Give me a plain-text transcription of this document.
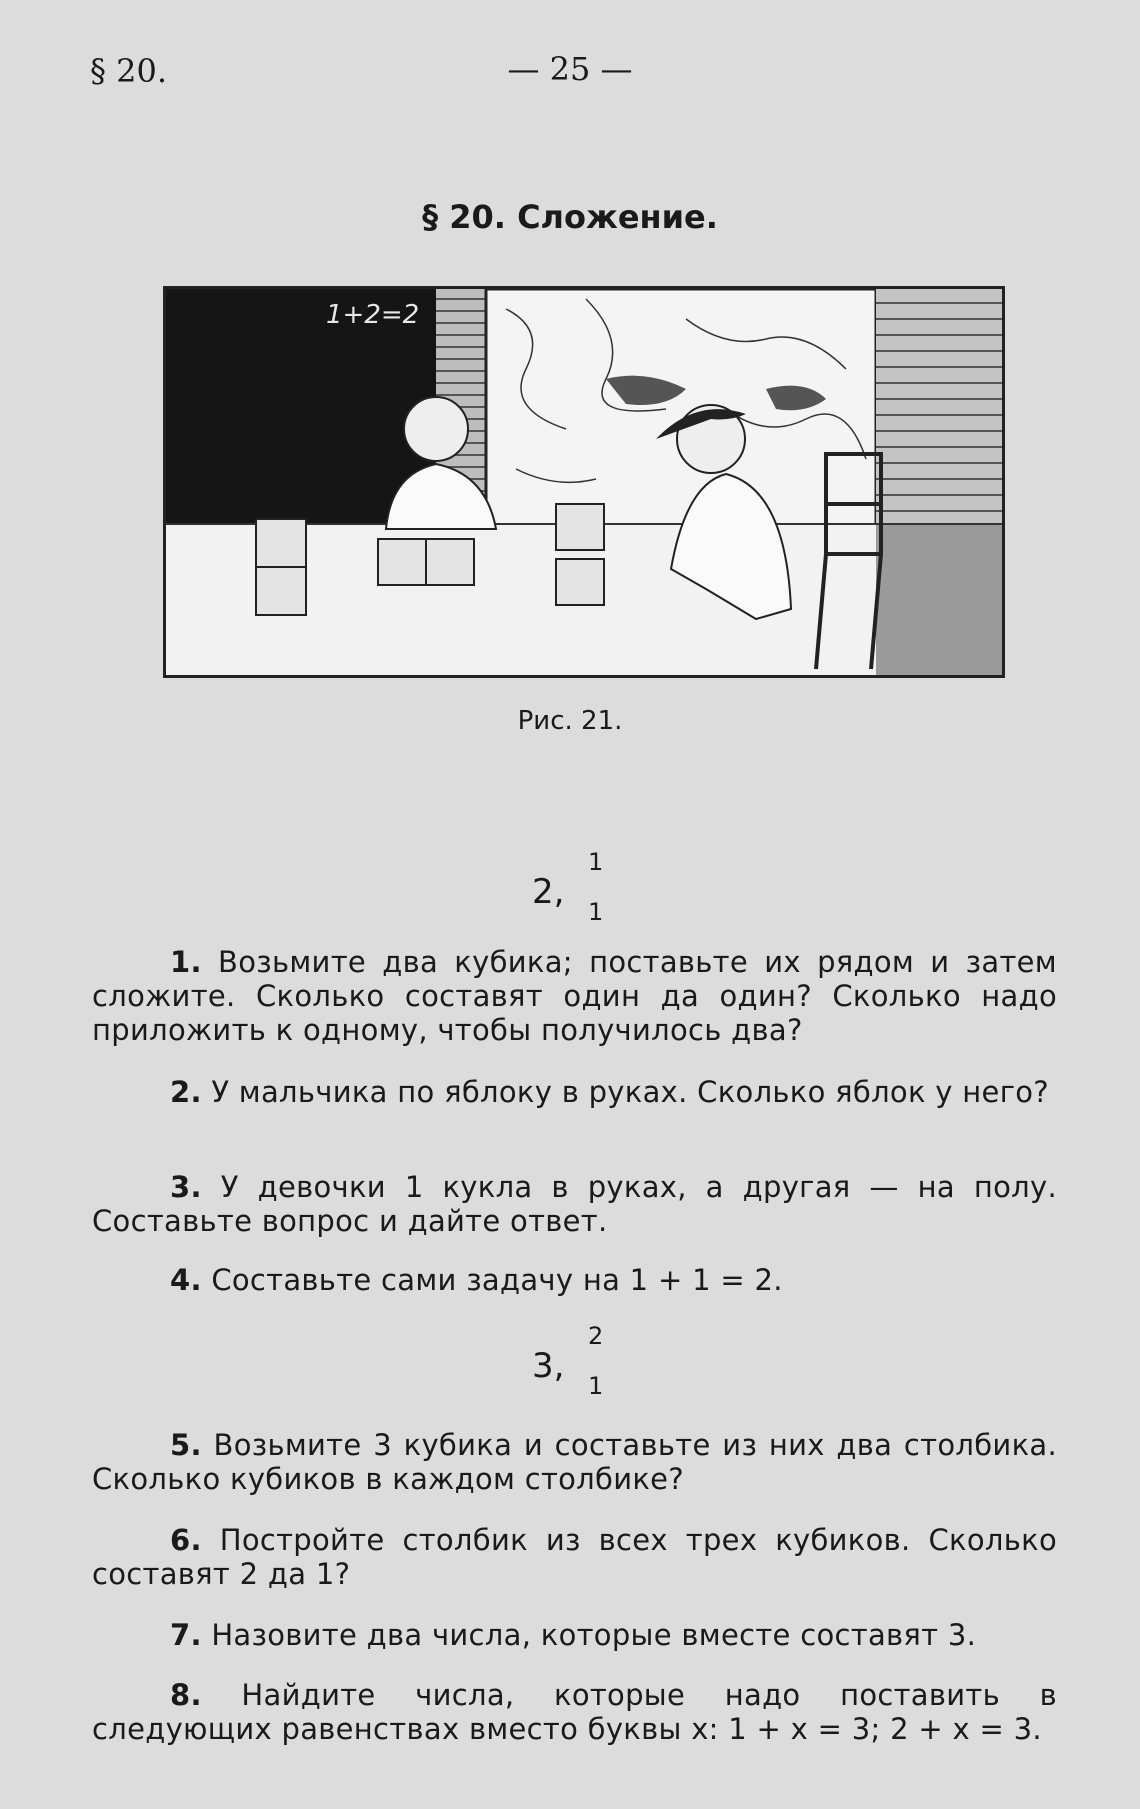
§ 20.	— 25 —
§ 20. Сложение.
1+2=2
Рис. 21.
2,
1
1
1. Возьмите два кубика; поставьте их рядом и затем сложите. Сколько составят один да один? Сколько надо приложить к одному, чтобы получилось два?
2. У мальчика по яблоку в руках. Сколько яблок у него?
3. У девочки 1 кукла в руках, а другая — на полу. Составьте вопрос и дайте ответ.
4. Составьте сами задачу на 1 + 1 = 2.
3,
2
1
5. Возьмите 3 кубика и составьте из них два столбика. Сколько кубиков в каждом столбике?
6. Постройте столбик из всех трех кубиков. Сколько составят 2 да 1?
7. Назовите два числа, которые вместе составят 3.
8. Найдите числа, которые надо поставить в следующих равенствах вместо буквы x: 1 + x = 3; 2 + x = 3.
